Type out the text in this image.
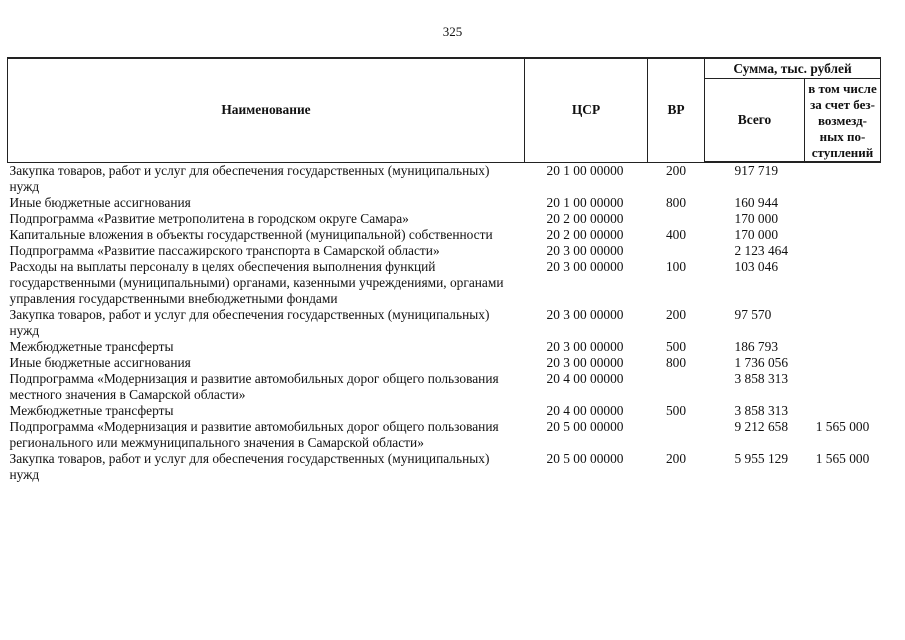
325
Наименование	ЦСР	ВР	Сумма, тыс. рублей	
			Всего	в том числе за счет без-возмезд-ных по-ступлений
Закупка товаров, работ и услуг для обеспечения государственных (муниципальных) нужд	20 1 00 00000	200	917 719	
Иные бюджетные ассигнования	20 1 00 00000	800	160 944	
Подпрограмма «Развитие метрополитена в городском округе Самара»	20 2 00 00000		170 000	
Капитальные вложения в объекты государственной (муниципальной) собственности	20 2 00 00000	400	170 000	
Подпрограмма «Развитие пассажирского транспорта в Самарской области»	20 3 00 00000		2 123 464	
Расходы на выплаты персоналу в целях обеспечения выполнения функций государственными (муниципальными) органами, казенными учреждениями, органами управления государственными внебюджетными фондами	20 3 00 00000	100	103 046	
Закупка товаров, работ и услуг для обеспечения государственных (муниципальных) нужд	20 3 00 00000	200	97 570	
Межбюджетные трансферты	20 3 00 00000	500	186 793	
Иные бюджетные ассигнования	20 3 00 00000	800	1 736 056	
Подпрограмма «Модернизация и развитие автомобильных дорог общего пользования местного значения в Самарской области»	20 4 00 00000		3 858 313	
Межбюджетные трансферты	20 4 00 00000	500	3 858 313	
Подпрограмма «Модернизация и развитие автомобильных дорог общего пользования регионального или межмуниципального значения в Самарской области»	20 5 00 00000		9 212 658	1 565 000
Закупка товаров, работ и услуг для обеспечения государственных (муниципальных) нужд	20 5 00 00000	200	5 955 129	1 565 000
